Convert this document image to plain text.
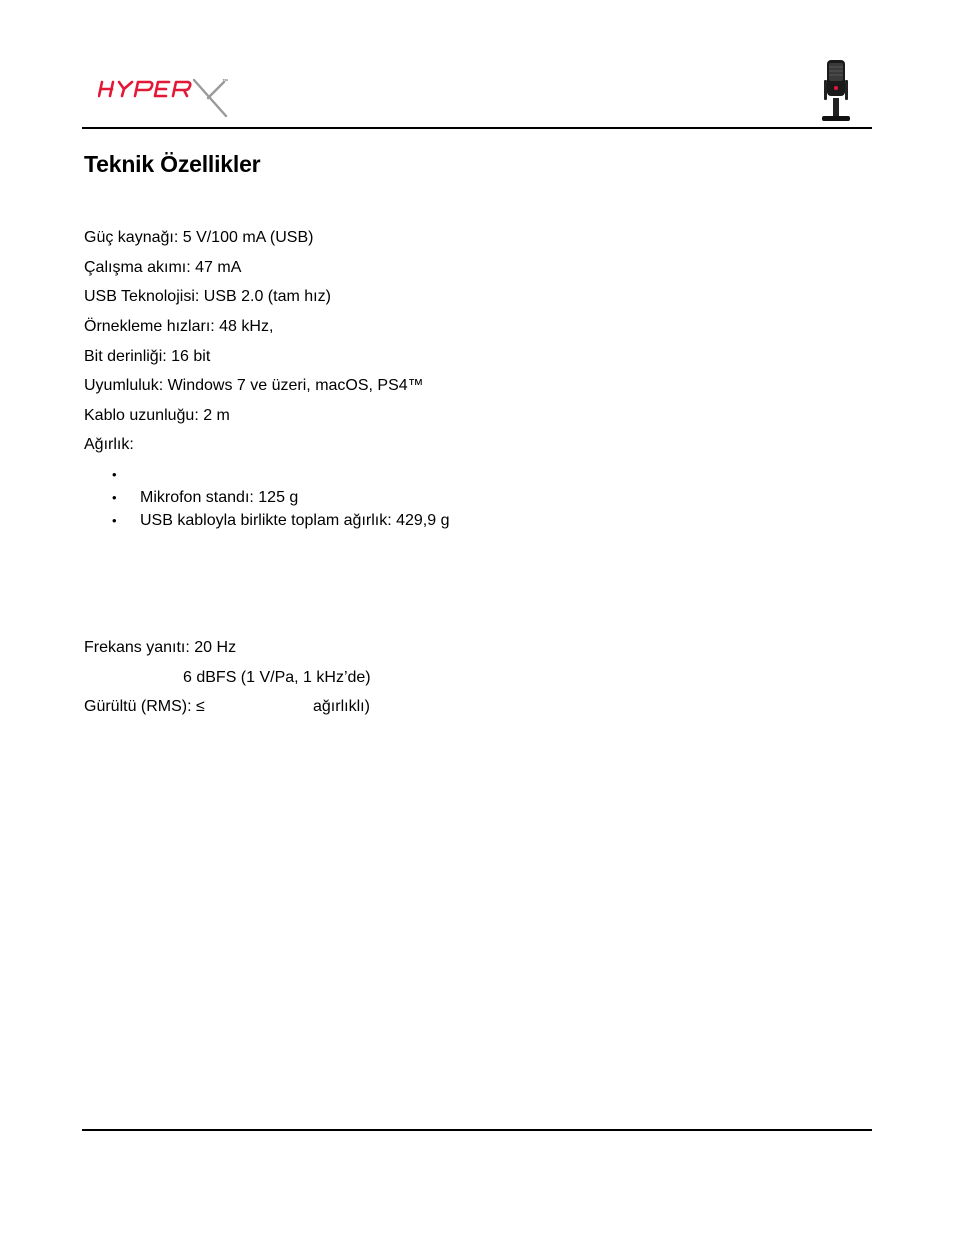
™
Teknik Özellikler
Güç kaynağı: 5 V/100 mA (USB)
Çalışma akımı: 47 mA
USB Teknolojisi: USB 2.0 (tam hız)
Örnekleme hızları: 48 kHz,
Bit derinliği: 16 bit
Uyumluluk: Windows 7 ve üzeri, macOS, PS4™
Kablo uzunluğu: 2 m
Ağırlık:
•
•Mikrofon standı: 125 g
•USB kabloyla birlikte toplam ağırlık: 429,9 g
Frekans yanıtı: 20 Hz
6 dBFS (1 V/Pa, 1 kHz’de)
Gürültü (RMS): ≤	ağırlıklı)
